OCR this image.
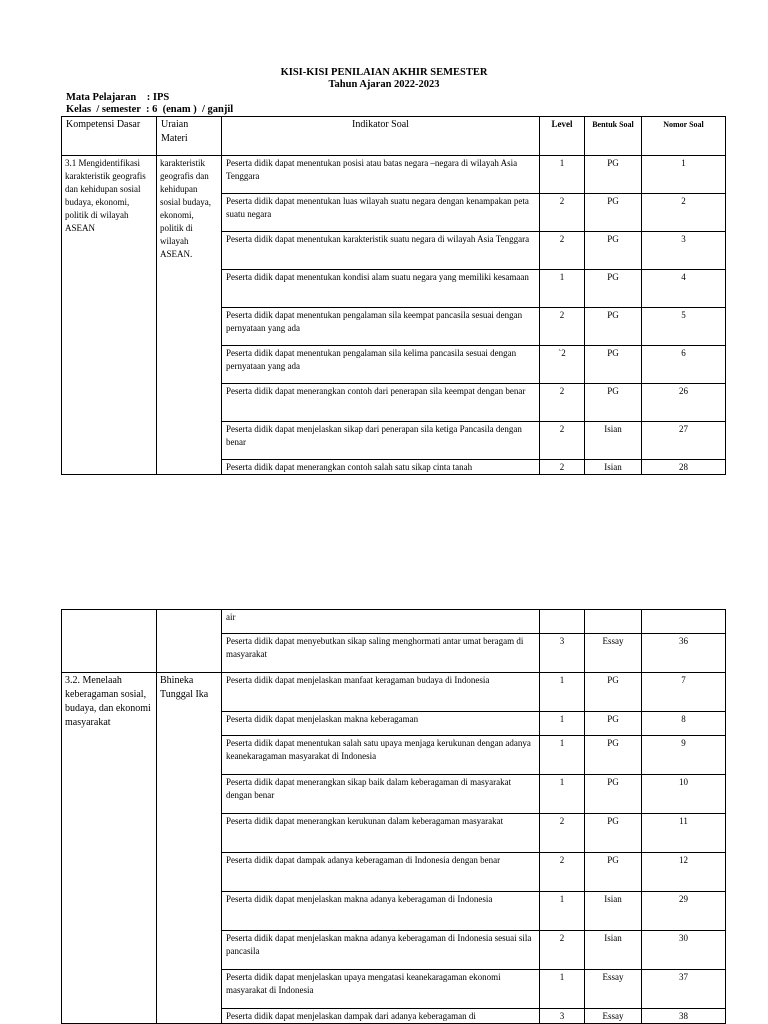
KISI-KISI PENILAIAN AKHIR SEMESTER
Tahun Ajaran 2022-2023
Mata Pelajaran    : IPS
Kelas  / semester  : 6  (enam )  / ganjil
Kompetensi Dasar	Uraian Materi	Indikator Soal	Level	Bentuk Soal	Nomor Soal
3.1 Mengidentifikasi karakteristik geografis dan kehidupan sosial budaya, ekonomi, politik di wilayah ASEAN	karakteristik geografis dan kehidupan sosial budaya, ekonomi, politik di wilayah ASEAN.	Peserta didik dapat menentukan posisi atau batas negara –negara di wilayah Asia Tenggara	1	PG	1
		Peserta didik dapat menentukan luas wilayah suatu negara dengan kenampakan peta suatu negara	2	PG	2
		Peserta didik dapat menentukan karakteristik suatu negara di wilayah Asia Tenggara	2	PG	3
		Peserta didik dapat menentukan kondisi alam suatu negara yang memiliki kesamaan	1	PG	4
		Peserta didik dapat menentukan pengalaman sila keempat pancasila sesuai dengan pernyataan yang ada	2	PG	5
		Peserta didik dapat menentukan pengalaman sila kelima pancasila sesuai dengan pernyataan yang ada	`2	PG	6
		Peserta didik dapat menerangkan contoh dari penerapan sila keempat dengan benar	2	PG	26
		Peserta didik dapat menjelaskan sikap dari penerapan sila ketiga Pancasila dengan benar	2	Isian	27
		Peserta didik dapat menerangkan contoh salah satu sikap cinta tanah	2	Isian	28
		air			
		Peserta didik dapat menyebutkan sikap saling menghormati antar umat beragam di masyarakat	3	Essay	36
3.2. Menelaah keberagaman sosial, budaya, dan ekonomi masyarakat	Bhineka Tunggal Ika	Peserta didik dapat menjelaskan manfaat keragaman budaya di Indonesia	1	PG	7
		Peserta didik dapat menjelaskan makna keberagaman	1	PG	8
		Peserta didik dapat menentukan salah satu upaya menjaga kerukunan dengan adanya keanekaragaman masyarakat di Indonesia	1	PG	9
		Peserta didik dapat menerangkan sikap baik dalam keberagaman di masyarakat dengan benar	1	PG	10
		Peserta didik dapat menerangkan kerukunan dalam keberagaman masyarakat	2	PG	11
		Peserta didik dapat dampak adanya keberagaman di Indonesia dengan benar	2	PG	12
		Peserta didik dapat menjelaskan makna adanya keberagaman di Indonesia	1	Isian	29
		Peserta didik dapat menjelaskan makna adanya keberagaman di Indonesia sesuai sila pancasila	2	Isian	30
		Peserta didik dapat menjelaskan upaya mengatasi keanekaragaman ekonomi masyarakat di Indonesia	1	Essay	37
		Peserta didik dapat menjelaskan dampak dari adanya keberagaman di	3	Essay	38
